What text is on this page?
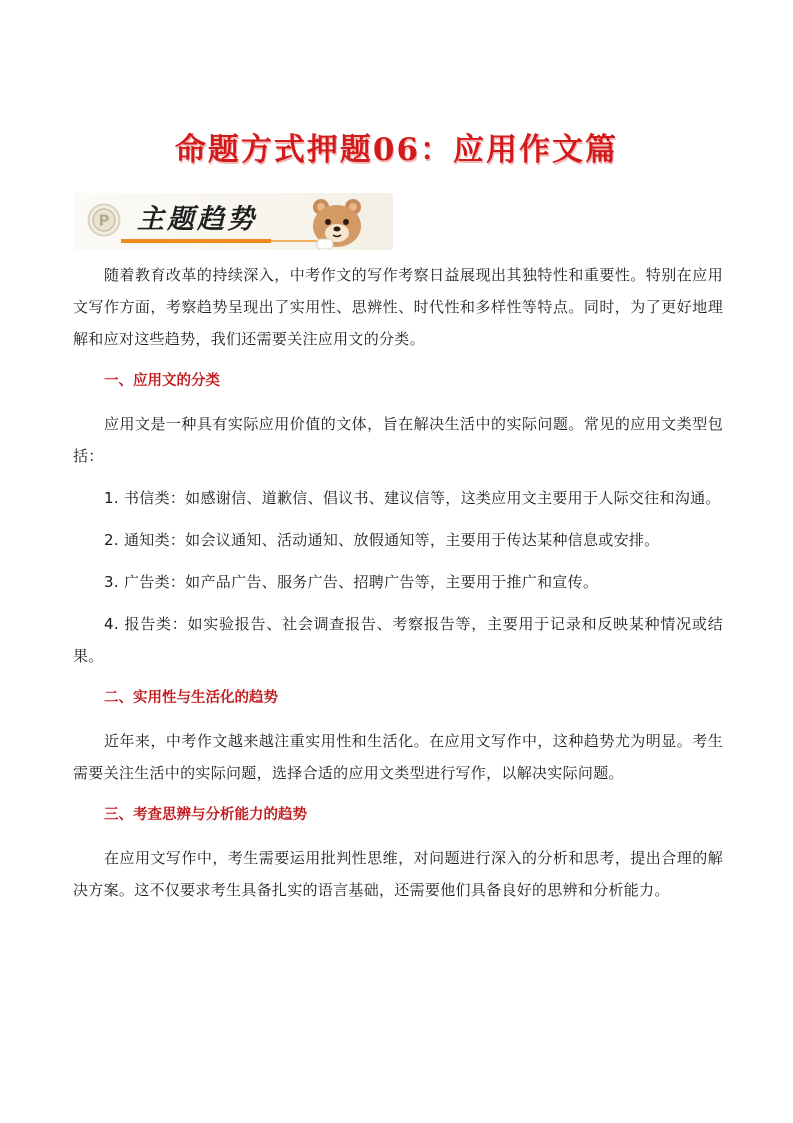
命题方式押题06：应用作文篇
P 主题趋势

随着教育改革的持续深入，中考作文的写作考察日益展现出其独特性和重要性。特别在应用文写作方面，考察趋势呈现出了实用性、思辨性、时代性和多样性等特点。同时，为了更好地理解和应对这些趋势，我们还需要关注应用文的分类。

一、应用文的分类

应用文是一种具有实际应用价值的文体，旨在解决生活中的实际问题。常见的应用文类型包括：

1. 书信类：如感谢信、道歉信、倡议书、建议信等，这类应用文主要用于人际交往和沟通。

2. 通知类：如会议通知、活动通知、放假通知等，主要用于传达某种信息或安排。

3. 广告类：如产品广告、服务广告、招聘广告等，主要用于推广和宣传。

4. 报告类：如实验报告、社会调查报告、考察报告等，主要用于记录和反映某种情况或结果。

二、实用性与生活化的趋势

近年来，中考作文越来越注重实用性和生活化。在应用文写作中，这种趋势尤为明显。考生需要关注生活中的实际问题，选择合适的应用文类型进行写作，以解决实际问题。

三、考查思辨与分析能力的趋势

在应用文写作中，考生需要运用批判性思维，对问题进行深入的分析和思考，提出合理的解决方案。这不仅要求考生具备扎实的语言基础，还需要他们具备良好的思辨和分析能力。
